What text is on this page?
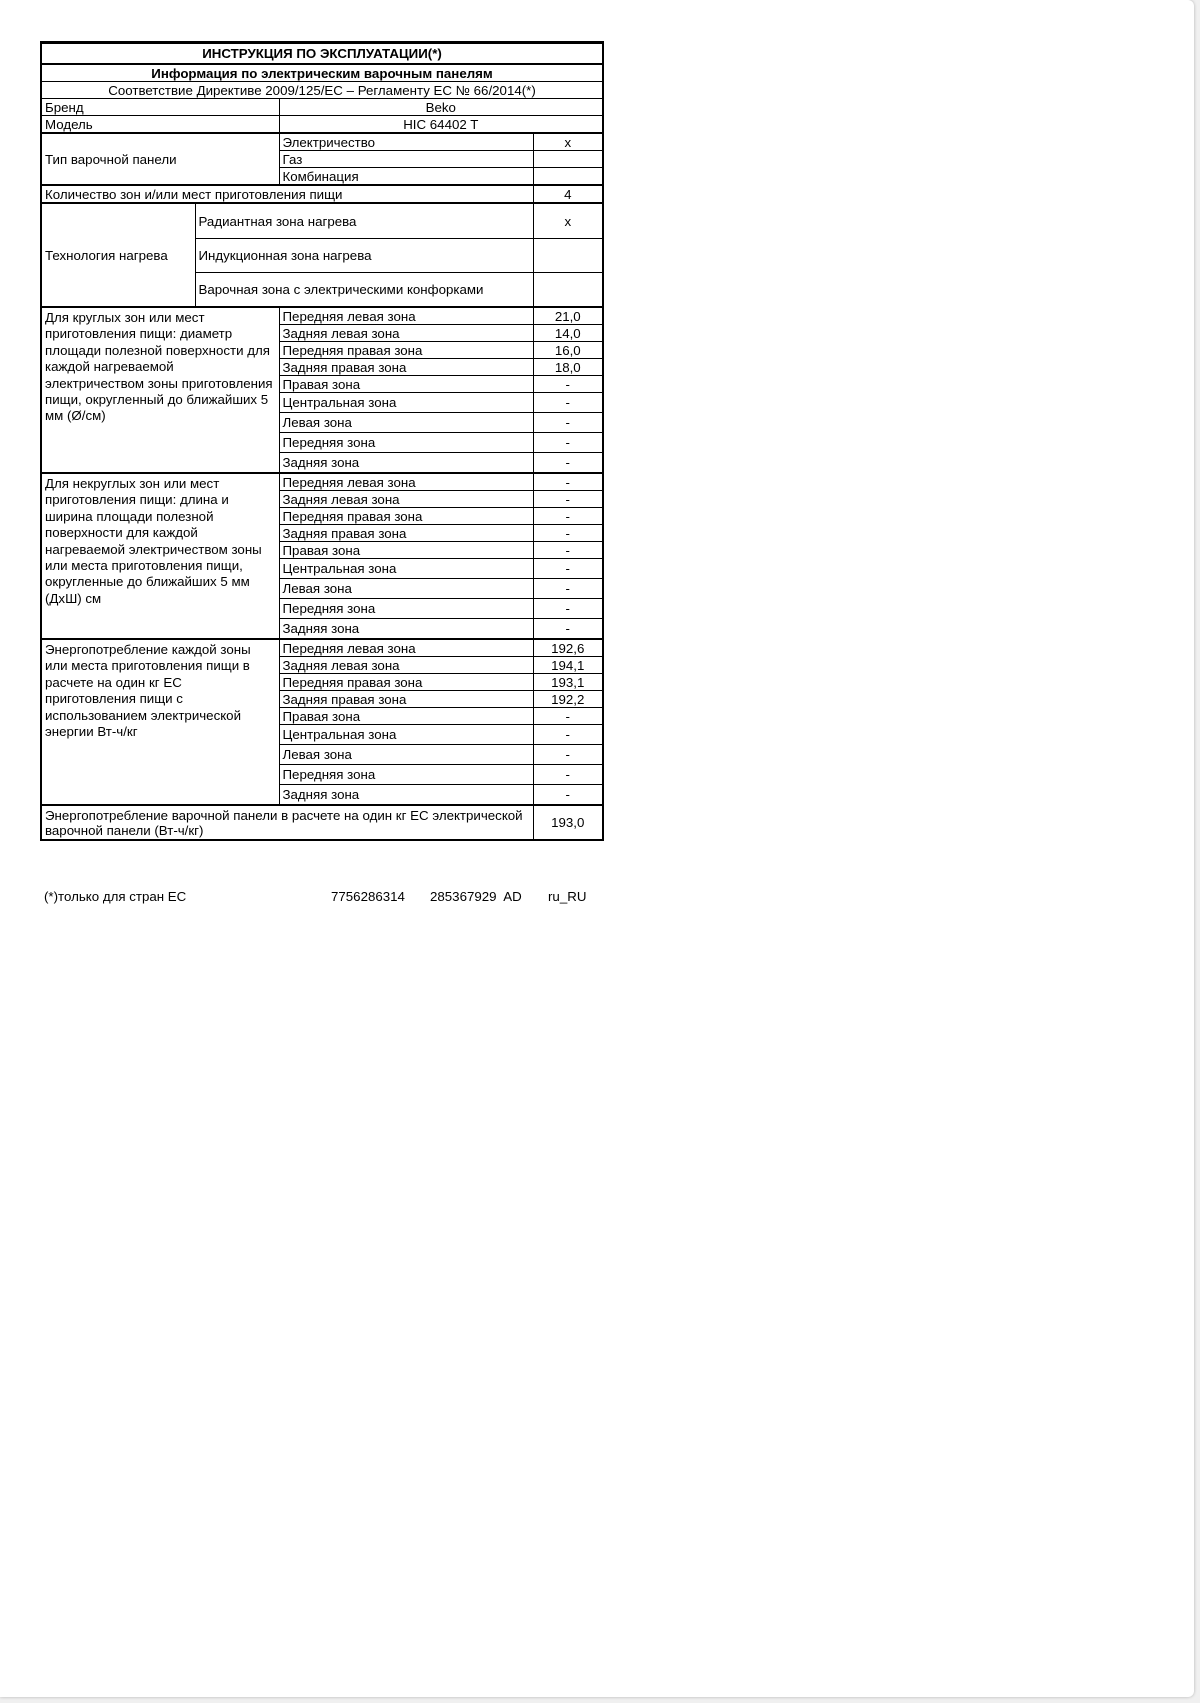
ИНСТРУКЦИЯ ПО ЭКСПЛУАТАЦИИ(*)			
Информация по электрическим варочным панелям			
Соответствие Директиве 2009/125/ЕС – Регламенту ЕС № 66/2014(*)			
Бренд		Beko	
Модель		HIC 64402 T	
Тип варочной панели		Электричество	x
		Газ	
		Комбинация	
Количество зон и/или мест приготовления пищи			4
Технология нагрева	Радиантная зона нагрева		x
	Индукционная зона нагрева		
	Варочная зона с электрическими конфорками		
Для круглых зон или мест приготовления пищи: диаметр площади полезной поверхности для каждой нагреваемой электричеством зоны приготовления пищи, округленный до ближайших 5 мм (Ø/см)		Передняя левая зона	21,0
		Задняя левая зона	14,0
		Передняя правая зона	16,0
		Задняя правая зона	18,0
		Правая зона	-
		Центральная зона	-
		Левая зона	-
		Передняя зона	-
		Задняя зона	-
Для некруглых зон или мест приготовления пищи: длина и ширина площади полезной поверхности для каждой нагреваемой электричеством зоны или места приготовления пищи, округленные до ближайших 5 мм (ДхШ) см		Передняя левая зона	-
		Задняя левая зона	-
		Передняя правая зона	-
		Задняя правая зона	-
		Правая зона	-
		Центральная зона	-
		Левая зона	-
		Передняя зона	-
		Задняя зона	-
Энергопотребление каждой зоны или места приготовления пищи в расчете на один кг ЕС приготовления пищи с использованием электрической энергии Вт-ч/кг		Передняя левая зона	192,6
		Задняя левая зона	194,1
		Передняя правая зона	193,1
		Задняя правая зона	192,2
		Правая зона	-
		Центральная зона	-
		Левая зона	-
		Передняя зона	-
		Задняя зона	-
Энергопотребление варочной панели в расчете на один кг ЕС электрической варочной панели (Вт-ч/кг)			193,0
(*)только для стран ЕС	7756286314 285367929  AD ru_RU
